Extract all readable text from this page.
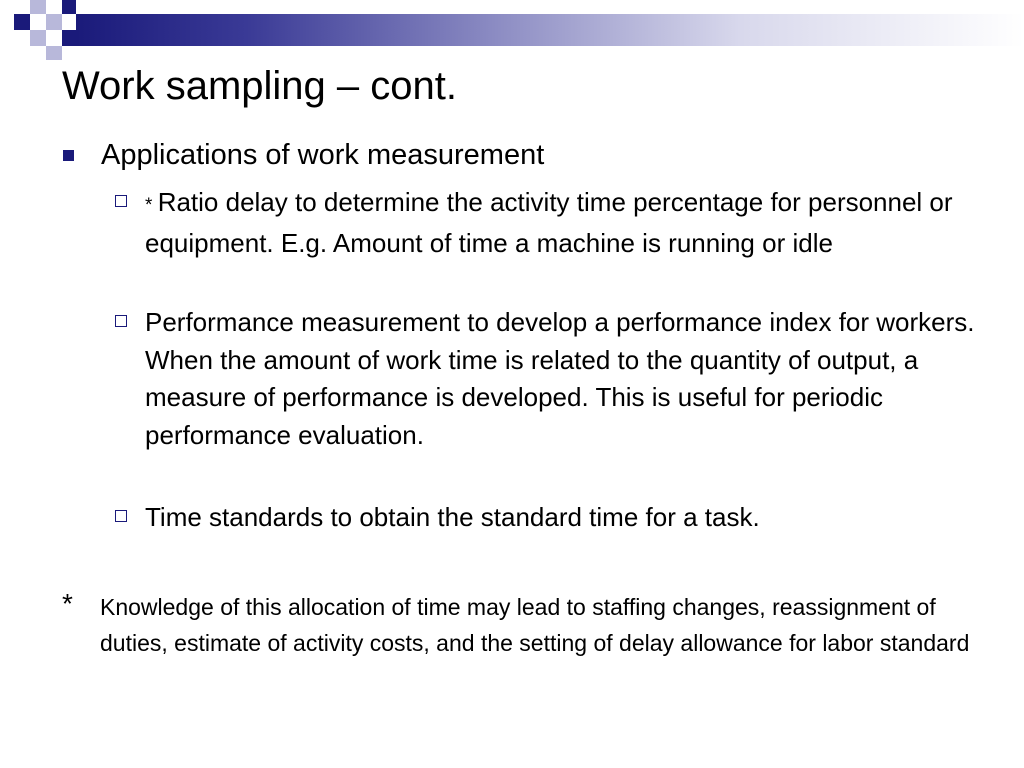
Work sampling – cont.
Applications of work measurement
* Ratio delay to determine the activity time percentage for personnel or equipment. E.g. Amount of time a machine is running or idle
Performance measurement to develop a performance index for workers. When the amount of work time is related to the quantity of output, a measure of performance is developed. This is useful for periodic performance evaluation.
Time standards to obtain the standard time for a task.
* Knowledge of this allocation of time may lead to staffing changes, reassignment of duties, estimate of activity costs, and the setting of delay allowance for labor standard
